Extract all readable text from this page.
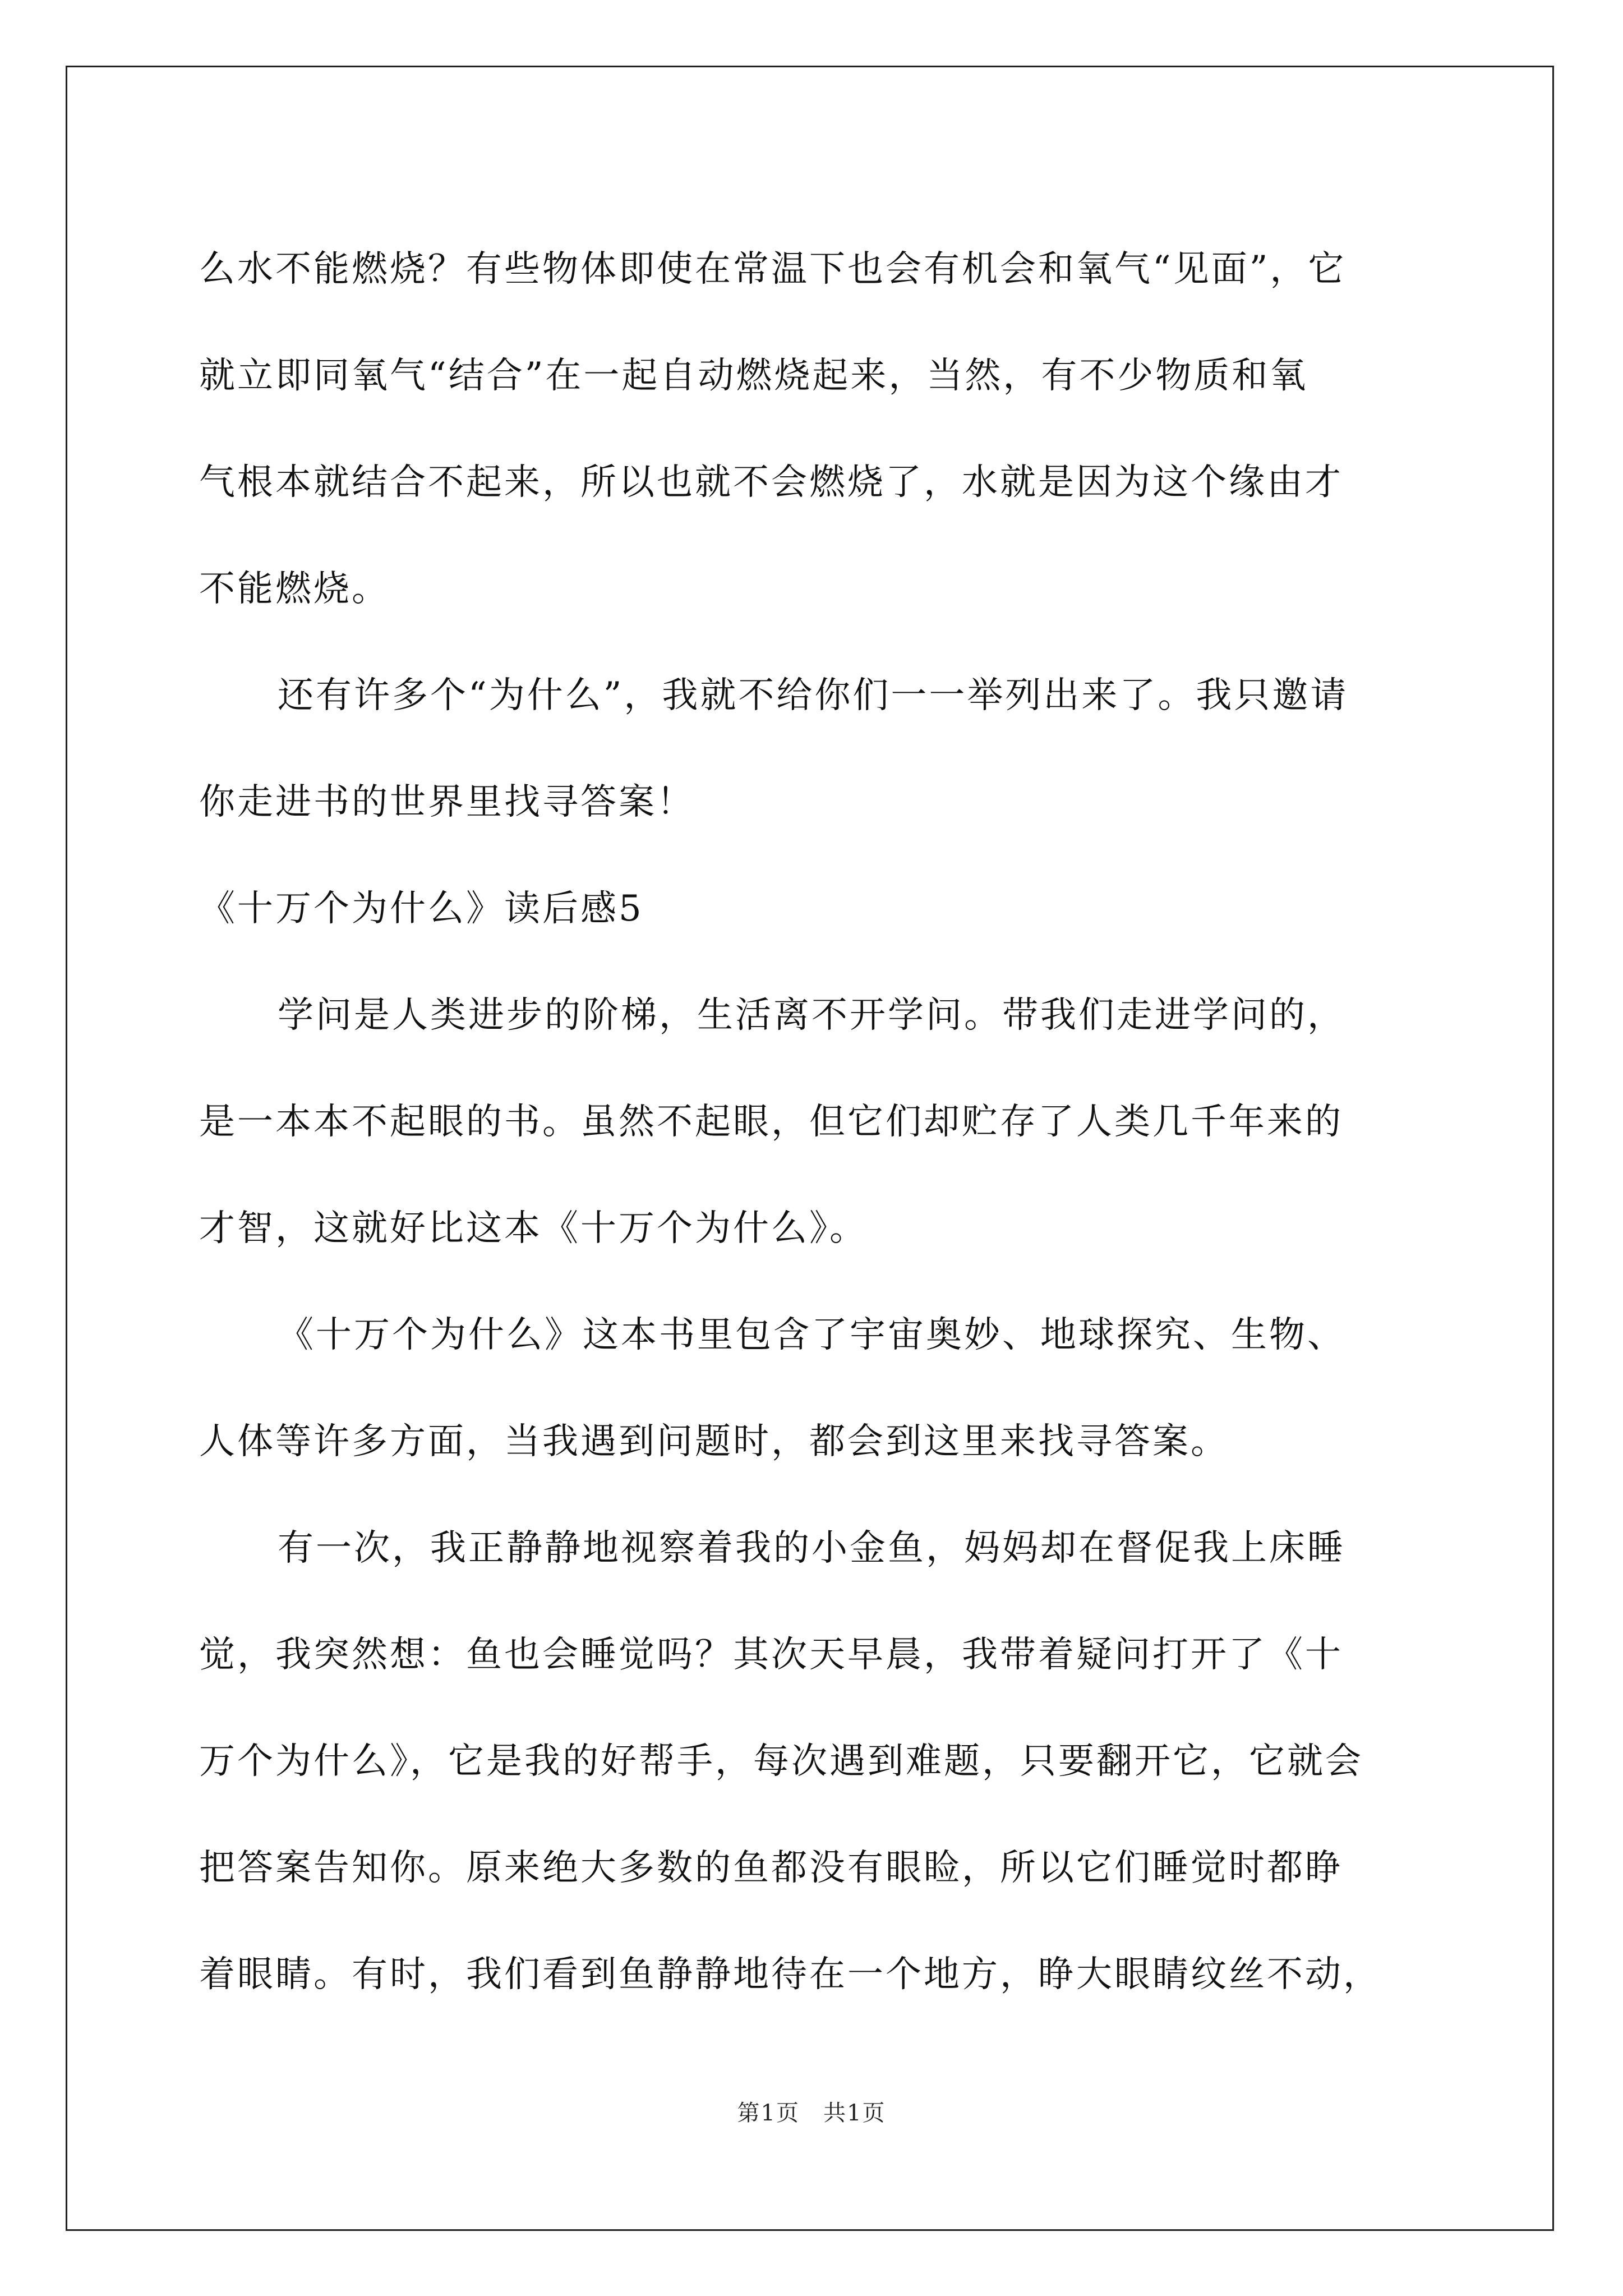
么水不能燃烧？有些物体即使在常温下也会有机会和氧气“见面”，它
就立即同氧气“结合”在一起自动燃烧起来，当然，有不少物质和氧
气根本就结合不起来，所以也就不会燃烧了，水就是因为这个缘由才
不能燃烧。
还有许多个“为什么”，我就不给你们一一举列出来了。我只邀请
你走进书的世界里找寻答案！
《十万个为什么》读后感5
学问是人类进步的阶梯，生活离不开学问。带我们走进学问的，
是一本本不起眼的书。虽然不起眼，但它们却贮存了人类几千年来的
才智，这就好比这本《十万个为什么》。
《十万个为什么》这本书里包含了宇宙奥妙、地球探究、生物、
人体等许多方面，当我遇到问题时，都会到这里来找寻答案。
有一次，我正静静地视察着我的小金鱼，妈妈却在督促我上床睡
觉，我突然想：鱼也会睡觉吗？其次天早晨，我带着疑问打开了《十
万个为什么》，它是我的好帮手，每次遇到难题，只要翻开它，它就会
把答案告知你。原来绝大多数的鱼都没有眼睑，所以它们睡觉时都睁
着眼睛。有时，我们看到鱼静静地待在一个地方，睁大眼睛纹丝不动，
第1页　共1页
